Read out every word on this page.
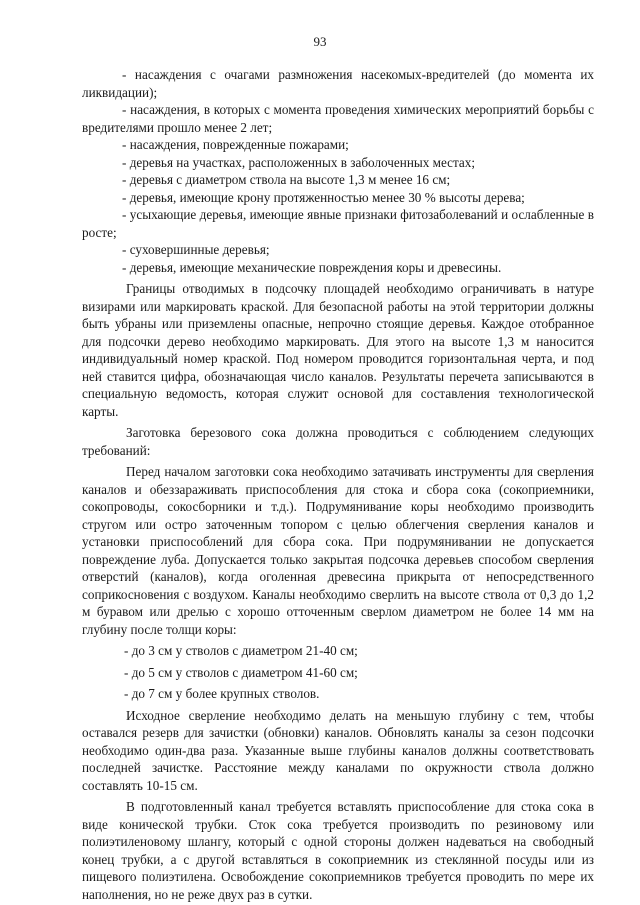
93

- насаждения с очагами размножения насекомых-вредителей (до момента их ликвидации);

- насаждения, в которых с момента проведения химических мероприятий борьбы с вредителями прошло менее 2 лет;

- насаждения, поврежденные пожарами;

- деревья на участках, расположенных в заболоченных местах;

- деревья с диаметром ствола на высоте 1,3 м менее 16 см;

- деревья, имеющие крону протяженностью менее 30 % высоты дерева;

- усыхающие деревья, имеющие явные признаки фитозаболеваний и ослабленные в росте;

- суховершинные деревья;

- деревья, имеющие механические повреждения коры и древесины.

Границы отводимых в подсочку площадей необходимо ограничивать в натуре визирами или маркировать краской. Для безопасной работы на этой территории должны быть убраны или приземлены опасные, непрочно стоящие деревья. Каждое отобранное для подсочки дерево необходимо маркировать. Для этого на высоте 1,3 м наносится индивидуальный номер краской. Под номером проводится горизонтальная черта, и под ней ставится цифра, обозначающая число каналов. Результаты перечета записываются в специальную ведомость, которая служит основой для составления технологической карты.

Заготовка березового сока должна проводиться с соблюдением следующих требований:

Перед началом заготовки сока необходимо затачивать инструменты для сверления каналов и обеззараживать приспособления для стока и сбора сока (сокоприемники, сокопроводы, сокосборники и т.д.). Подрумянивание коры необходимо производить стругом или остро заточенным топором с целью облегчения сверления каналов и установки приспособлений для сбора сока. При подрумянивании не допускается повреждение луба. Допускается только закрытая подсочка деревьев способом сверления отверстий (каналов), когда оголенная древесина прикрыта от непосредственного соприкосновения с воздухом. Каналы необходимо сверлить на высоте ствола от 0,3 до 1,2 м буравом или дрелью с хорошо отточенным сверлом диаметром не более 14 мм на глубину после толщи коры:

- до 3 см у стволов с диаметром 21-40 см;

- до 5 см у стволов с диаметром 41-60 см;

- до 7 см у более крупных стволов.

Исходное сверление необходимо делать на меньшую глубину с тем, чтобы оставался резерв для зачистки (обновки) каналов. Обновлять каналы за сезон подсочки необходимо один-два раза. Указанные выше глубины каналов должны соответствовать последней зачистке. Расстояние между каналами по окружности ствола должно составлять 10-15 см.

В подготовленный канал требуется вставлять приспособление для стока сока в виде конической трубки. Сток сока требуется производить по резиновому или полиэтиленовому шлангу, который с одной стороны должен надеваться на свободный конец трубки, а с другой вставляться в сокоприемник из стеклянной посуды или из пищевого полиэтилена. Освобождение сокоприемников требуется проводить по мере их наполнения, но не реже двух раз в сутки.
